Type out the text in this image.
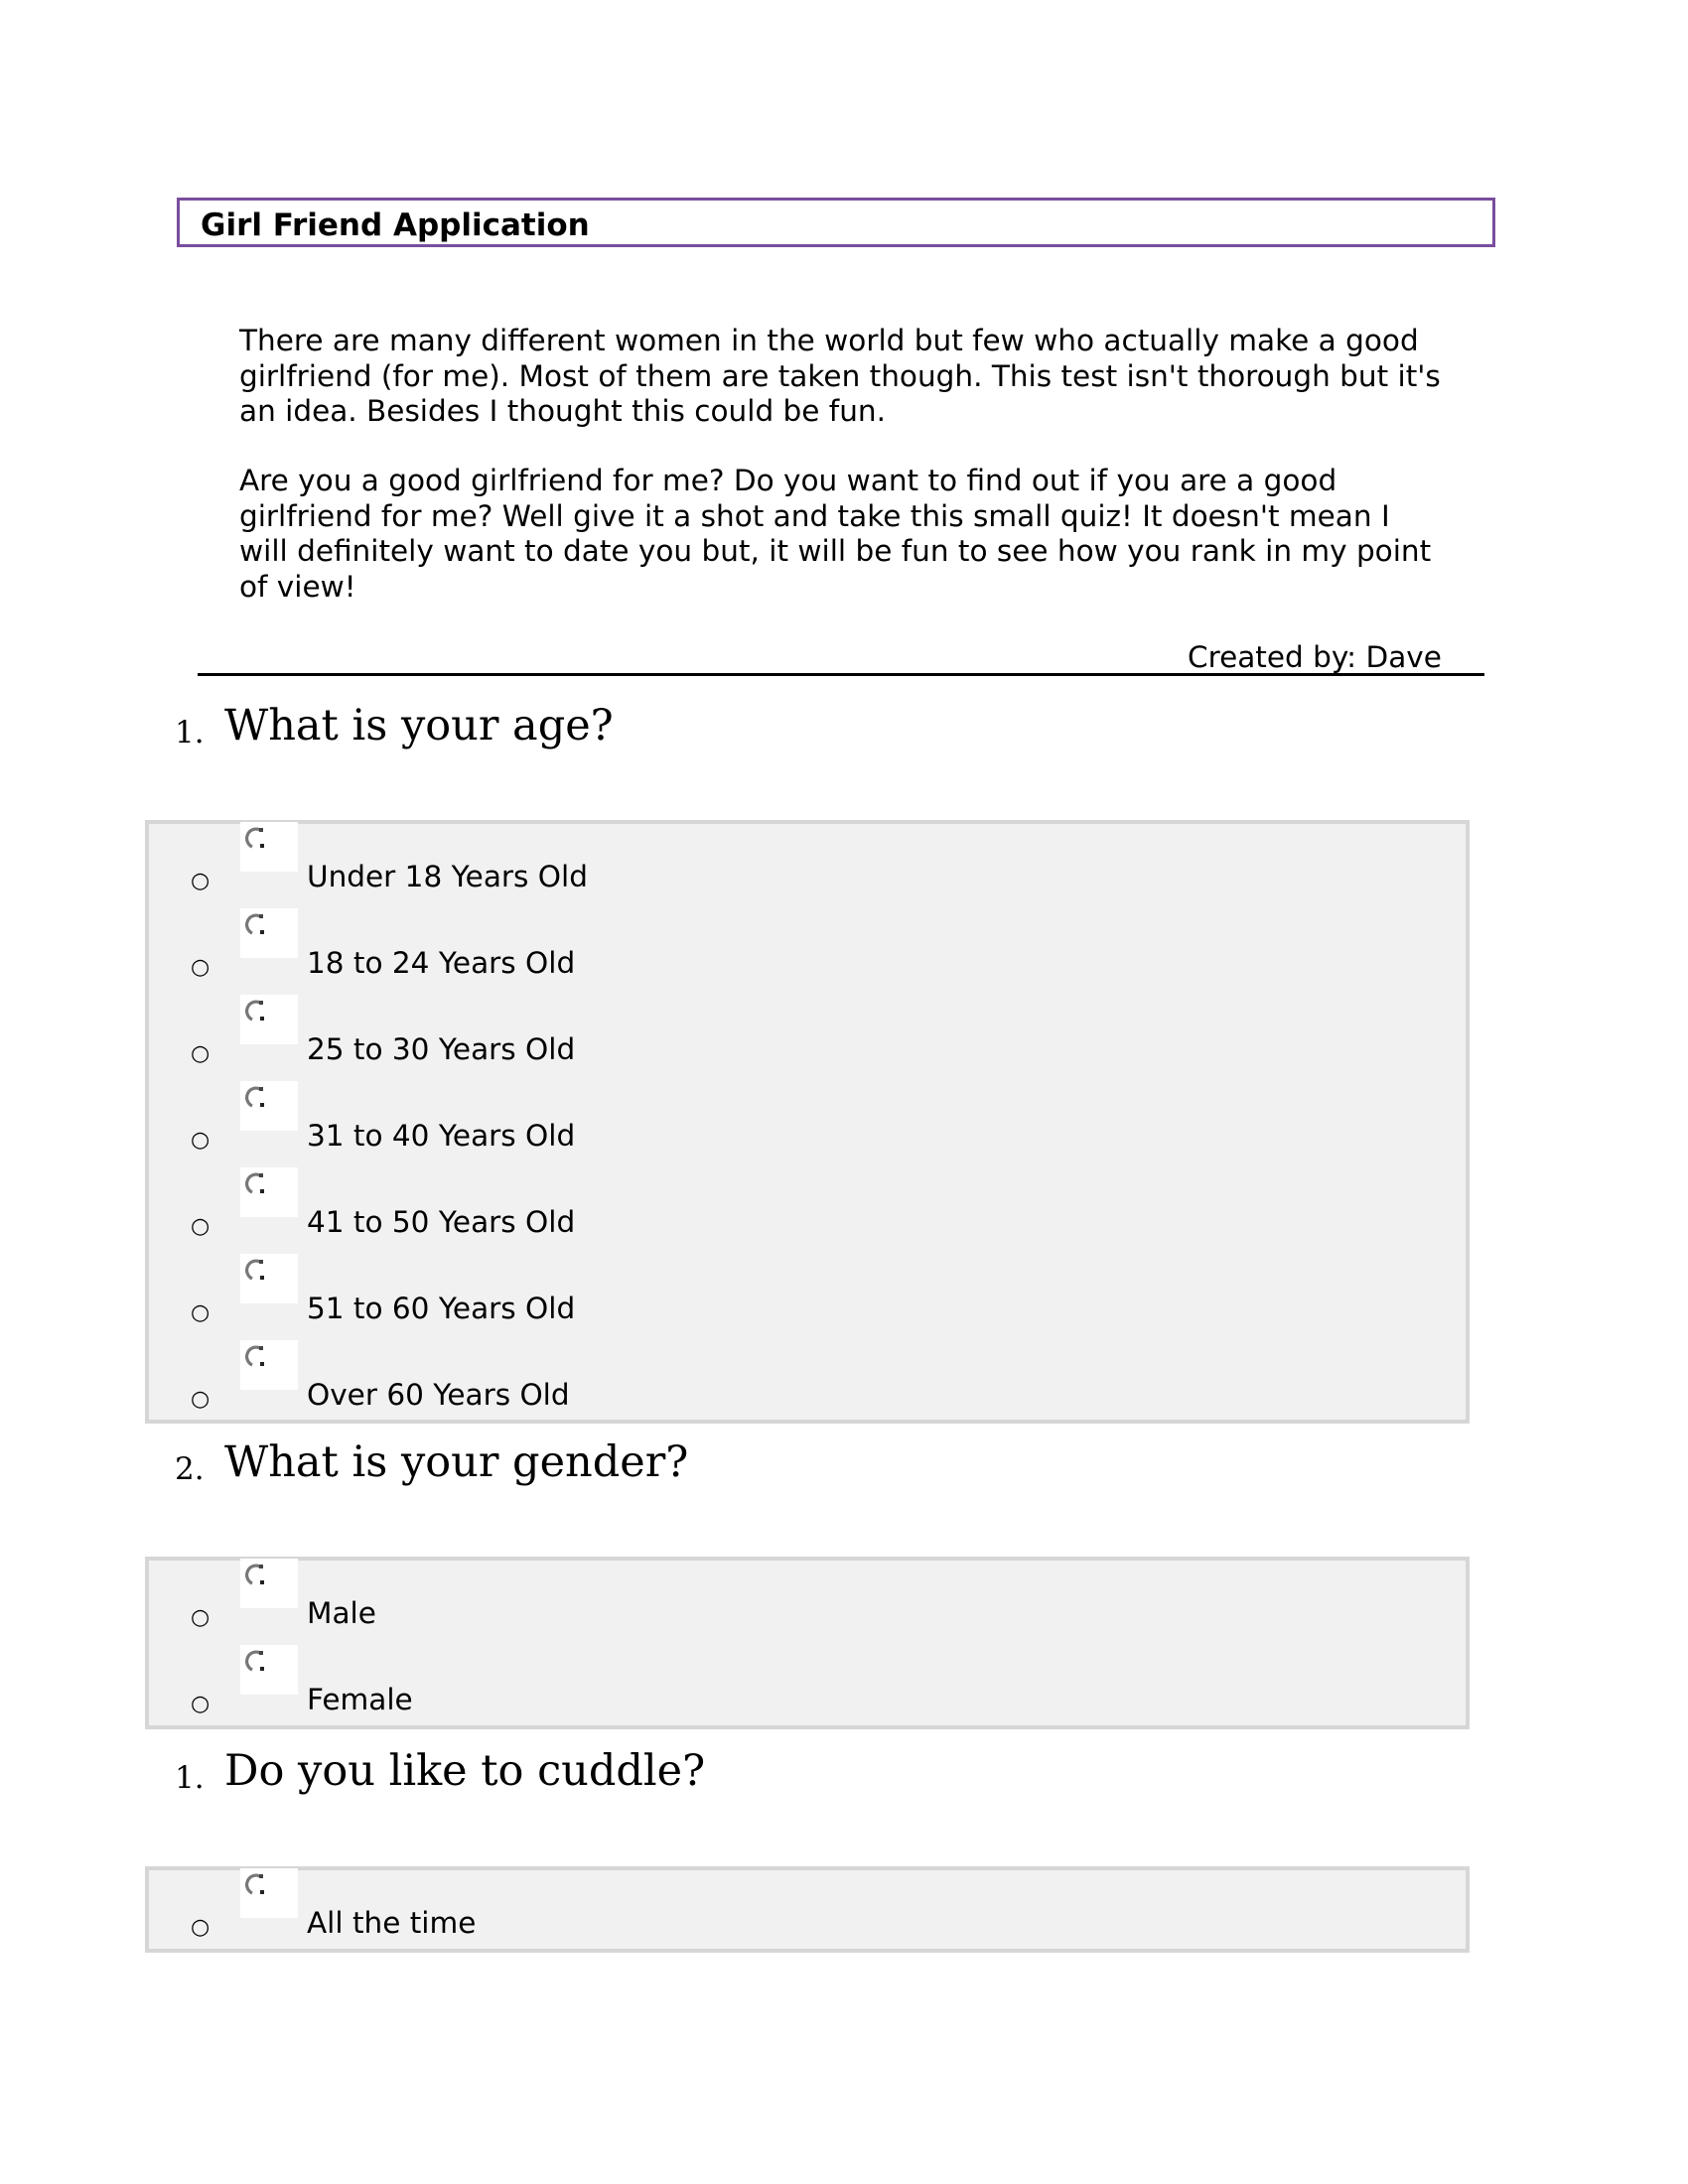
Girl Friend Application
There are many different women in the world but few who actually make a good
girlfriend (for me). Most of them are taken though. This test isn't thorough but it's
an idea. Besides I thought this could be fun.
Are you a good girlfriend for me? Do you want to find out if you are a good
girlfriend for me? Well give it a shot and take this small quiz! It doesn't mean I
will definitely want to date you but, it will be fun to see how you rank in my point
of view!
Created by: Dave
1. What is your age?
○	Under 18 Years Old
○	18 to 24 Years Old
○	25 to 30 Years Old
○	31 to 40 Years Old
○	41 to 50 Years Old
○	51 to 60 Years Old
○	Over 60 Years Old
2. What is your gender?
○	Male
○	Female
1. Do you like to cuddle?
○	All the time
